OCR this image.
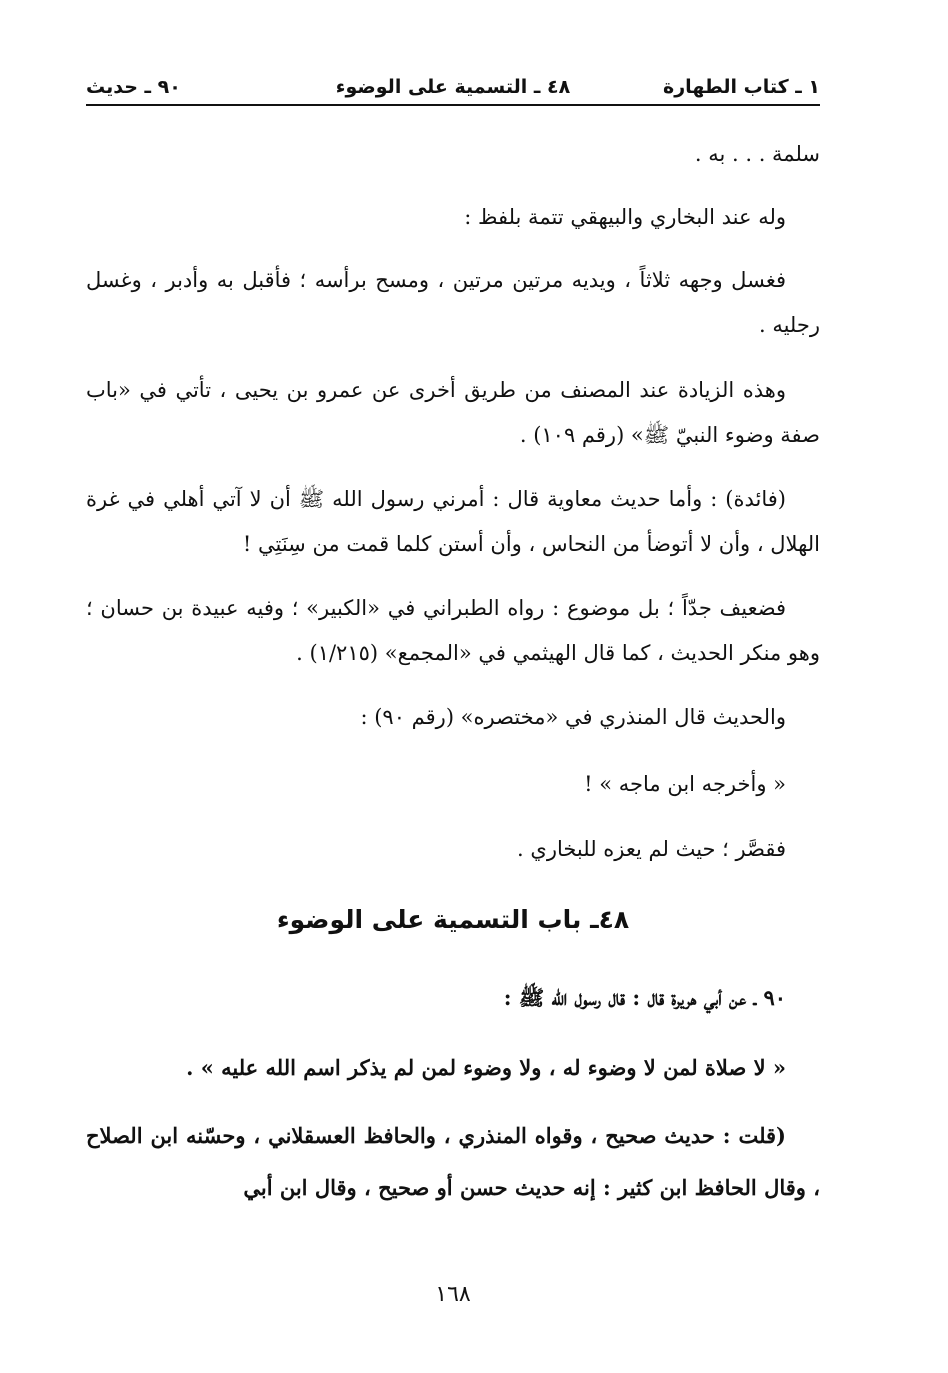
١ ـ كتاب الطهارة
٤٨ ـ التسمية على الوضوء
٩٠ ـ حديث

سلمة . . . به .

وله عند البخاري والبيهقي تتمة بلفظ :

فغسل وجهه ثلاثاً ، ويديه مرتين مرتين ، ومسح برأسه ؛ فأقبل به وأدبر ، وغسل رجليه .

وهذه الزيادة عند المصنف من طريق أخرى عن عمرو بن يحيى ، تأتي في «باب صفة وضوء النبيّ ﷺ» (رقم ١٠٩) .

(فائدة) : وأما حديث معاوية قال : أمرني رسول الله ﷺ أن لا آتي أهلي في غرة الهلال ، وأن لا أتوضأ من النحاس ، وأن أستن كلما قمت من سِنَتِي !

فضعيف جدّاً ؛ بل موضوع : رواه الطبراني في «الكبير» ؛ وفيه عبيدة بن حسان ؛ وهو منكر الحديث ، كما قال الهيثمي في «المجمع» (١/٢١٥) .

والحديث قال المنذري في «مختصره» (رقم ٩٠) :

« وأخرجه ابن ماجه » !

فقصَّر ؛ حيث لم يعزه للبخاري .

٤٨ـ باب التسمية على الوضوء

٩٠ ـ عن أبي هريرة قال : قال رسول الله ﷺ :

« لا صلاة لمن لا وضوء له ، ولا وضوء لمن لم يذكر اسم الله عليه » .

(قلت : حديث صحيح ، وقواه المنذري ، والحافظ العسقلاني ، وحسّنه ابن الصلاح ، وقال الحافظ ابن كثير : إنه حديث حسن أو صحيح ، وقال ابن أبي

١٦٨
